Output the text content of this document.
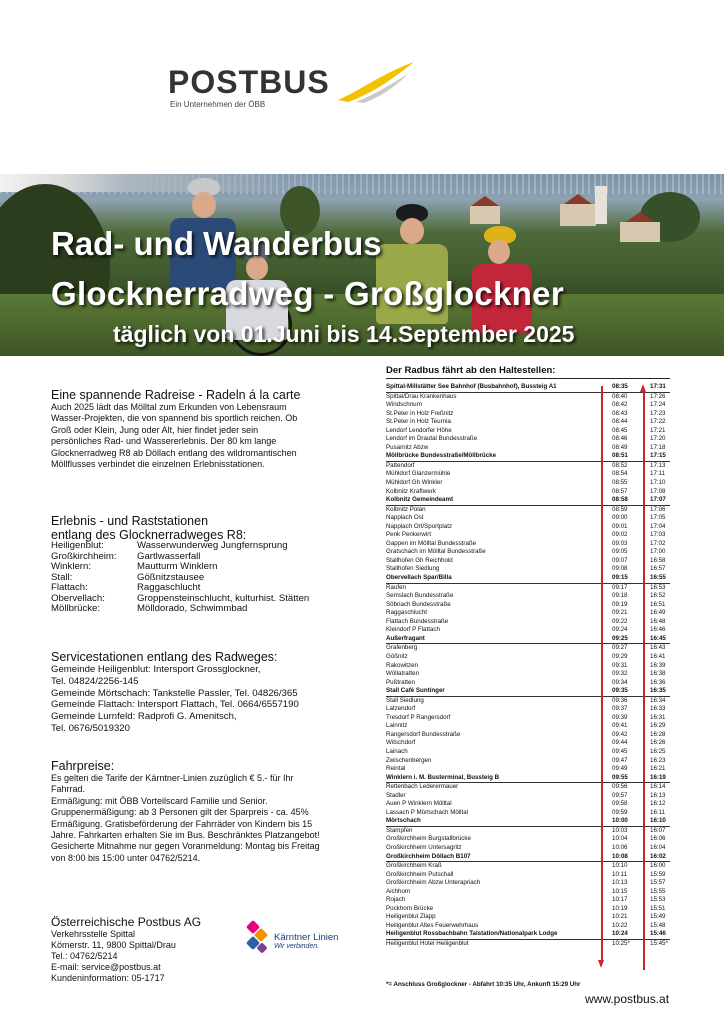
POSTBUS
Ein Unternehmen der ÖBB
Rad- und Wanderbus
Glocknerradweg - Großglockner
täglich von 01.Juni bis 14.September 2025
Eine spannende Radreise - Radeln á la carte
Auch 2025 lädt das Mölltal zum Erkunden von Lebensraum
Wasser-Projekten, die von spannend bis sportlich reichen. Ob
Groß oder Klein, Jung oder Alt, hier findet jeder sein
persönliches Rad- und Wassererlebnis. Der 80 km lange
Glocknerradweg R8 ab Döllach entlang des wildromantischen
Möllflusses verbindet die einzelnen Erlebnisstationen.
Erlebnis - und Raststationen
entlang des Glocknerradweges R8:
Heiligenblut:	Wasserwunderweg Jungfernsprung
Großkirchheim: Gartlwasserfall
Winklern:	Mautturm Winklern
Stall:	Gößnitzstausee
Flattach:	Raggaschlucht
Obervellach:	Groppensteinschlucht, kulturhist. Stätten
Möllbrücke:	Mölldorado, Schwimmbad
Servicestationen entlang des Radweges:
Gemeinde Heiligenblut: Intersport Grossglockner,
Tel. 04824/2256-145
Gemeinde Mörtschach: Tankstelle Passler, Tel. 04826/365
Gemeinde Flattach: Intersport Flattach, Tel. 0664/6557190
Gemeinde Lurnfeld: Radprofi G. Amenitsch,
Tel. 0676/5019320
Fahrpreise:
Es gelten die Tarife der Kärntner-Linien zuzüglich € 5.- für Ihr
Fahrrad.
Ermäßigung: mit ÖBB Vorteilscard Familie und Senior.
Gruppenermäßigung: ab 3 Personen gilt der Sparpreis - ca. 45%
Ermäßigung. Gratisbeförderung der Fahrräder von Kindern bis 15
Jahre. Fahrkarten erhalten Sie im Bus. Beschränktes Platzangebot!
Gesicherte Mitnahme nur gegen Voranmeldung: Montag bis Freitag
von 8:00 bis 15:00 unter 04762/5214.
Österreichische Postbus AG
Verkehrsstelle Spittal
Kömerstr. 11, 9800 Spittal/Drau
Tel.: 04762/5214
E-mail: service@postbus.at
Kundeninformation: 05-1717
Kärntner Linien
Wir verbinden.
Der Radbus fährt ab den Haltestellen:
Spittal-Millstätter See Bahnhof (Busbahnhof), Bussteig A1	08:35	17:31
Spittal/Drau Krankenhaus	08:40	17:26
Windschnurn	08:42	17:24
St.Peter in Holz Freßnitz	08:43	17:23
St.Peter in Holz Teurnia	08:44	17:22
Lendorf Lendorfer Höhe	08:45	17:21
Lendorf im Drautal Bundesstraße	08:46	17:20
Pusarnitz Abzw	08:49	17:18
Möllbrücke Bundesstraße/Möllbrücke	08:51	17:15
Pattendorf	08:52	17:13
Mühldorf Glanzermühle	08:54	17:11
Mühldorf Gh Winkler	08:55	17:10
Kolbnitz Kraftwerk	08:57	17:08
Kolbnitz Gemeindeamt	08:58	17:07
Kolbnitz Polan	08:59	17:06
Napplach Ost	09:00	17:05
Napplach Ort/Sportplatz	09:01	17:04
Penk Penkerwirt	09:02	17:03
Gappen im Mölltal Bundesstraße	09:03	17:02
Gratschach im Mölltal Bundesstraße	09:05	17:00
Stallhofen Gh Reichhold	09:07	16:58
Stallhofen Siedlung	09:08	16:57
Obervellach Spar/Billa	09:15	16:55
Raufen	09:17	16:53
Semslach Bundesstraße	09:18	16:52
Söbriach Bundesstraße	09:19	16:51
Raggaschlucht	09:21	16:49
Flattach Bundesstraße	09:22	16:48
Kleindorf P Flattach	09:24	16:46
Außerfragant	09:25	16:45
Grafenberg	09:27	16:43
Gößnitz	09:29	16:41
Rakowitzen	09:31	16:39
Wöllatratten	09:32	16:38
Pußtratten	09:34	16:36
Stall Café Suntinger	09:35	16:35
Stall Siedlung	09:36	16:34
Latzendorf	09:37	16:33
Tresdorf P Rangersdorf	09:39	16:31
Lainnitz	09:41	16:29
Rangersdorf Bundesstraße	09:42	16:28
Witschdorf	09:44	16:26
Lainach	09:45	16:25
Zwischenbergen	09:47	16:23
Reintal	09:49	16:21
Winklern i. M. Busterminal, Bussteig B	09:55	16:19
Rettenbach Lederermauer	09:56	16:14
Stadler	09:57	16:13
Auen P Winklern Mölltal	09:58	16:12
Lassach P Mörtschach Mölltal	09:59	16:11
Mörtschach	10:00	16:10
Stampfen	10:03	16:07
Großkirchheim Burgstallbrücke	10:04	16:06
Großkirchheim Untersagritz	10:06	16:04
Großkirchheim Döllach B107	10:08	16:02
Großkirchheim Kraß	10:10	16:00
Großkirchheim Putschall	10:11	15:59
Großkirchheim Abzw Unterapriach	10:13	15:57
Aichhorn	10:15	15:55
Rojach	10:17	15:53
Pockhorn Brücke	10:19	15:51
Heiligenblut Zlapp	10:21	15:49
Heiligenblut Altes Feuerwehrhaus	10:22	15:48
Heiligenblut Rossbachbahn Talstation/Nationalpark Lodge	10:24	15:46
Heiligenblut Hotel Heiligenblut	10:25*	15:45*
*= Anschluss Großglockner - Abfahrt 10:35 Uhr, Ankunft 15:29 Uhr
www.postbus.at
